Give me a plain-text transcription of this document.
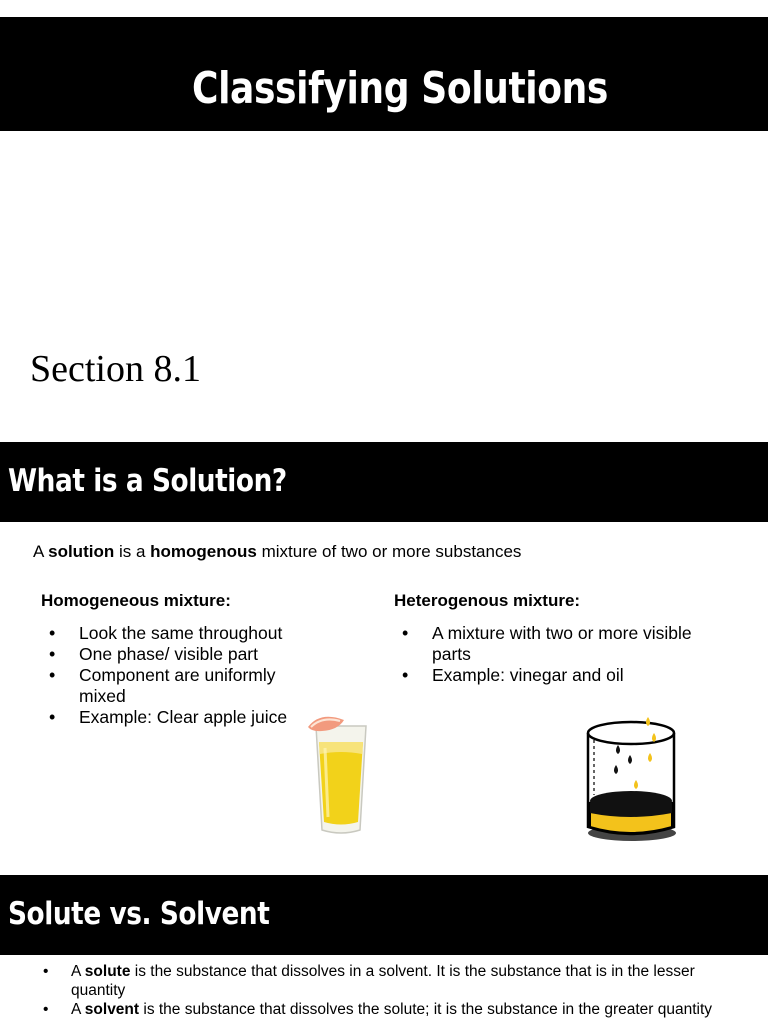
Classifying Solutions
Section 8.1
What is a Solution?
A solution is a homogenous mixture of two or more substances
Homogeneous mixture:
• Look the same throughout
• One phase/ visible part
• Component are uniformly mixed
• Example: Clear apple juice
Heterogenous mixture:
• A mixture with two or more visible parts
• Example: vinegar and oil
Solute vs. Solvent
• A solute is the substance that dissolves in a solvent. It is the substance that is in the lesser quantity
• A solvent is the substance that dissolves the solute; it is the substance in the greater quantity
